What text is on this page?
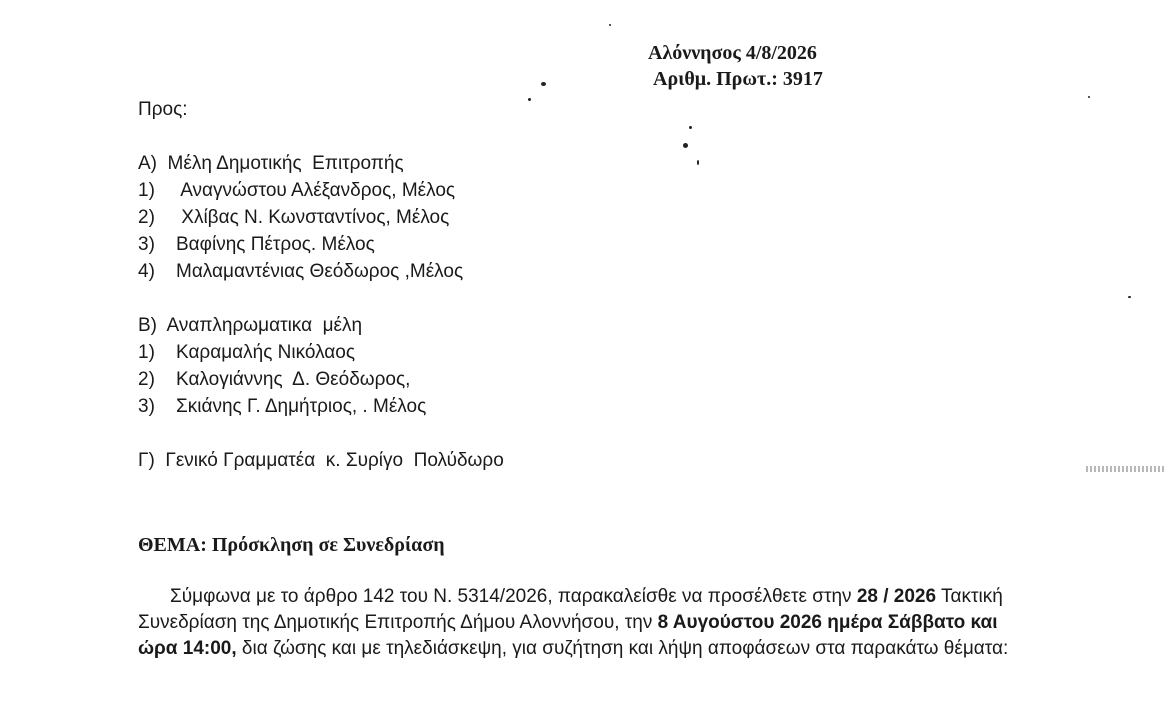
Αλόννησος 4/8/2026
Αριθμ. Πρωτ.: 3917
Προς:
Α)  Μέλη Δημοτικής  Επιτροπής
1)	Αναγνώστου Αλέξανδρος, Μέλος
2)	Χλίβας Ν. Κωνσταντίνος, Μέλος
3)	Βαφίνης Πέτρος. Μέλος
4)	Μαλαμαντένιας Θεόδωρος ,Μέλος
Β)  Αναπληρωματικα  μέλη
1)	Καραμαλής Νικόλαος
2)	Καλογιάννης  Δ. Θεόδωρος,
3)	Σκιάνης Γ. Δημήτριος, . Μέλος
Γ)  Γενικό Γραμματέα  κ. Συρίγο  Πολύδωρο
ΘΕΜΑ: Πρόσκληση σε Συνεδρίαση
Σύμφωνα με το άρθρο 142 του Ν. 5314/2026, παρακαλείσθε να προσέλθετε στην 28 / 2026 Τακτική Συνεδρίαση της Δημοτικής Επιτροπής Δήμου Αλοννήσου, την 8 Αυγούστου 2026 ημέρα Σάββατο και ώρα 14:00, δια ζώσης και με τηλεδιάσκεψη, για συζήτηση και λήψη αποφάσεων στα παρακάτω θέματα:
